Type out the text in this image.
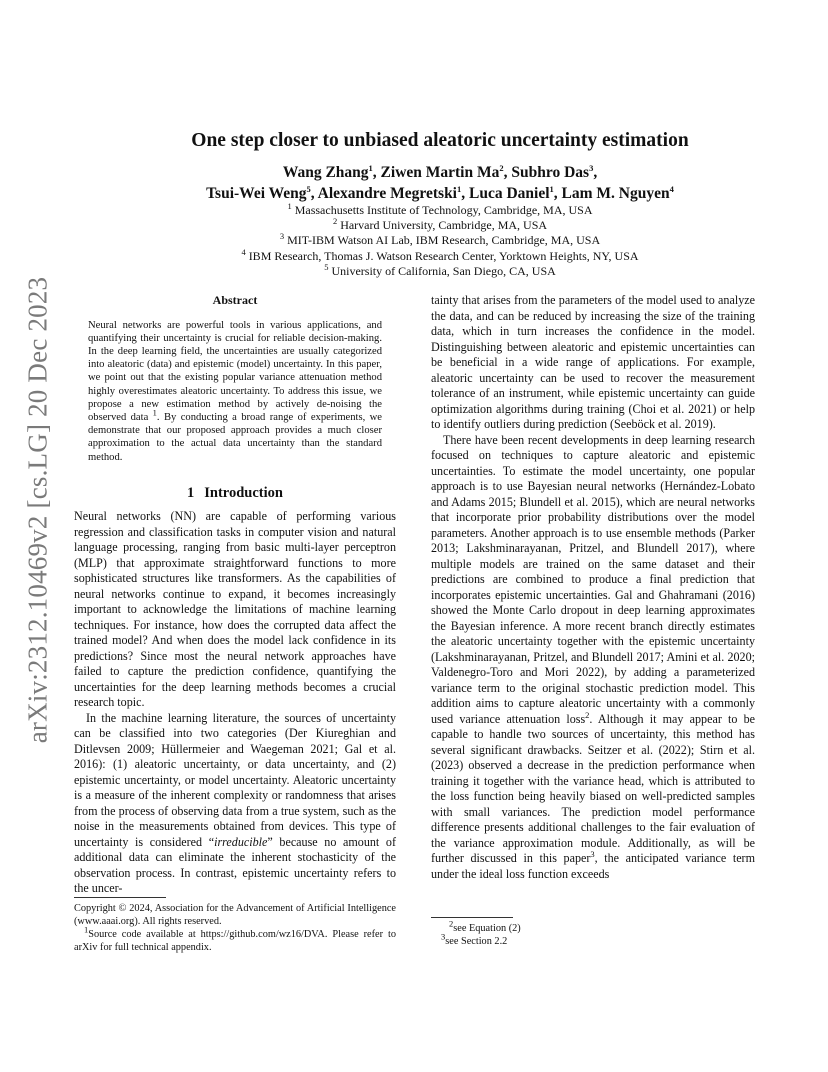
arXiv:2312.10469v2 [cs.LG] 20 Dec 2023
One step closer to unbiased aleatoric uncertainty estimation
Wang Zhang$^1$, Ziwen Martin Ma$^2$, Subhro Das$^3$,
Tsui-Wei Weng$^5$, Alexandre Megretski$^1$, Luca Daniel$^1$, Lam M. Nguyen$^4$
$^1$ Massachusetts Institute of Technology, Cambridge, MA, USA
$^2$ Harvard University, Cambridge, MA, USA
$^3$ MIT-IBM Watson AI Lab, IBM Research, Cambridge, MA, USA
$^4$ IBM Research, Thomas J. Watson Research Center, Yorktown Heights, NY, USA
$^5$ University of California, San Diego, CA, USA
Abstract

Neural networks are powerful tools in various applications, and quantifying their uncertainty is crucial for reliable decision-making. In the deep learning field, the uncertainties are usually categorized into aleatoric (data) and epistemic (model) uncertainty. In this paper, we point out that the existing popular variance attenuation method highly overestimates aleatoric uncertainty. To address this issue, we propose a new estimation method by actively de-noising the observed data $^1$. By conducting a broad range of experiments, we demonstrate that our proposed approach provides a much closer approximation to the actual data uncertainty than the standard method.

1 Introduction

Neural networks (NN) are capable of performing various regression and classification tasks in computer vision and natural language processing, ranging from basic multi-layer perceptron (MLP) that approximate straightforward functions to more sophisticated structures like transformers. As the capabilities of neural networks continue to expand, it becomes increasingly important to acknowledge the limitations of machine learning techniques. For instance, how does the corrupted data affect the trained model? And when does the model lack confidence in its predictions? Since most the neural network approaches have failed to capture the prediction confidence, quantifying the uncertainties for the deep learning methods becomes a crucial research topic.

In the machine learning literature, the sources of uncertainty can be classified into two categories (Der Kiureghian and Ditlevsen 2009; Hüllermeier and Waegeman 2021; Gal et al. 2016): (1) aleatoric uncertainty, or data uncertainty, and (2) epistemic uncertainty, or model uncertainty. Aleatoric uncertainty is a measure of the inherent complexity or randomness that arises from the process of observing data from a true system, such as the noise in the measurements obtained from devices. This type of uncertainty is considered “irreducible” because no amount of additional data can eliminate the inherent stochasticity of the observation process. In contrast, epistemic uncertainty refers to the uncer-

Copyright © 2024, Association for the Advancement of Artificial Intelligence (www.aaai.org). All rights reserved.

$^1$Source code available at https://github.com/wz16/DVA. Please refer to arXiv for full technical appendix.

tainty that arises from the parameters of the model used to analyze the data, and can be reduced by increasing the size of the training data, which in turn increases the confidence in the model. Distinguishing between aleatoric and epistemic uncertainties can be beneficial in a wide range of applications. For example, aleatoric uncertainty can be used to recover the measurement tolerance of an instrument, while epistemic uncertainty can guide optimization algorithms during training (Choi et al. 2021) or help to identify outliers during prediction (Seeböck et al. 2019).

There have been recent developments in deep learning research focused on techniques to capture aleatoric and epistemic uncertainties. To estimate the model uncertainty, one popular approach is to use Bayesian neural networks (Hernández-Lobato and Adams 2015; Blundell et al. 2015), which are neural networks that incorporate prior probability distributions over the model parameters. Another approach is to use ensemble methods (Parker 2013; Lakshminarayanan, Pritzel, and Blundell 2017), where multiple models are trained on the same dataset and their predictions are combined to produce a final prediction that incorporates epistemic uncertainties. Gal and Ghahramani (2016) showed the Monte Carlo dropout in deep learning approximates the Bayesian inference. A more recent branch directly estimates the aleatoric uncertainty together with the epistemic uncertainty (Lakshminarayanan, Pritzel, and Blundell 2017; Amini et al. 2020; Valdenegro-Toro and Mori 2022), by adding a parameterized variance term to the original stochastic prediction model. This addition aims to capture aleatoric uncertainty with a commonly used variance attenuation loss$^2$. Although it may appear to be capable to handle two sources of uncertainty, this method has several significant drawbacks. Seitzer et al. (2022); Stirn et al. (2023) observed a decrease in the prediction performance when training it together with the variance head, which is attributed to the loss function being heavily biased on well-predicted samples with small variances. The prediction model performance difference presents additional challenges to the fair evaluation of the variance approximation module. Additionally, as will be further discussed in this paper$^3$, the anticipated variance term under the ideal loss function exceeds

$^2$see Equation (2)

$^3$see Section 2.2
